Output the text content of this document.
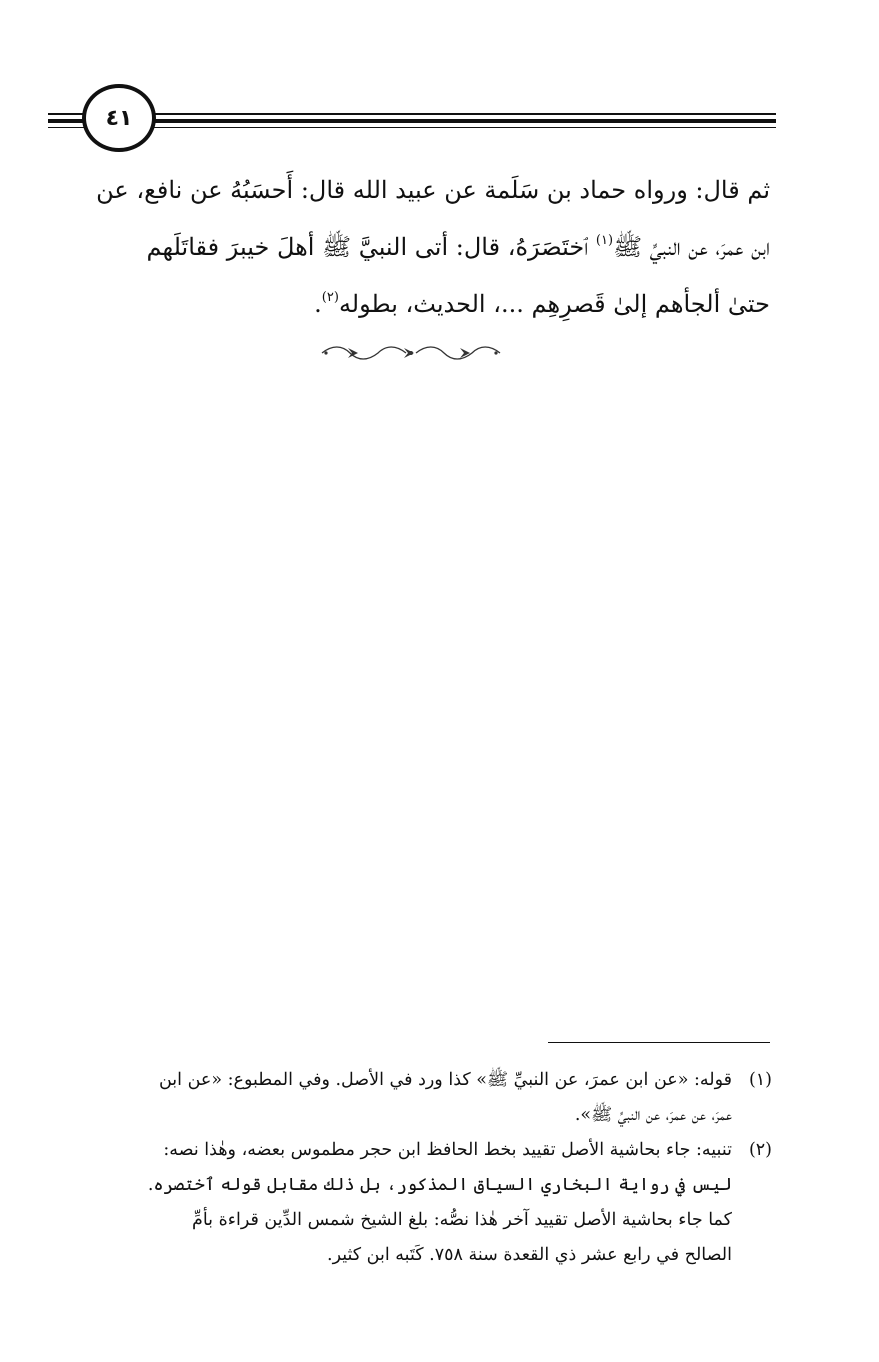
٤١

ثم قال: ورواه حماد بن سَلَمة عن عبيد الله قال: أَحسَبُهُ عن نافع، عن

ابن عمرَ، عن النبيِّ ﷺ$^{(١)}$ ٱختَصَرَهُ، قال: أتى النبيَّ ﷺ أهلَ خيبرَ فقاتَلَهم

حتىٰ ألجأهم إلىٰ قَصرِهِم ...، الحديث، بطوله$^{(٢)}$.

(١)

قوله: «عن ابن عمرَ، عن النبيِّ ﷺ» كذا ورد في الأصل. وفي المطبوع: «عن ابن

عمرَ، عن عمرَ، عن النبيِّ ﷺ».

(٢)

تنبيه: جاء بحاشية الأصل تقييد بخط الحافظ ابن حجر مطموس بعضه، وهٰذا نصه:

ليس في رواية البخاري السياق المذكور، بل ذلك مقابل قوله ٱختصره.

كما جاء بحاشية الأصل تقييد آخر هٰذا نصُّه: بلغ الشيخ شمس الدِّين قراءة بأمِّ

الصالح في رابع عشر ذي القعدة سنة ٧٥٨. كَتَبه ابن كثير.
